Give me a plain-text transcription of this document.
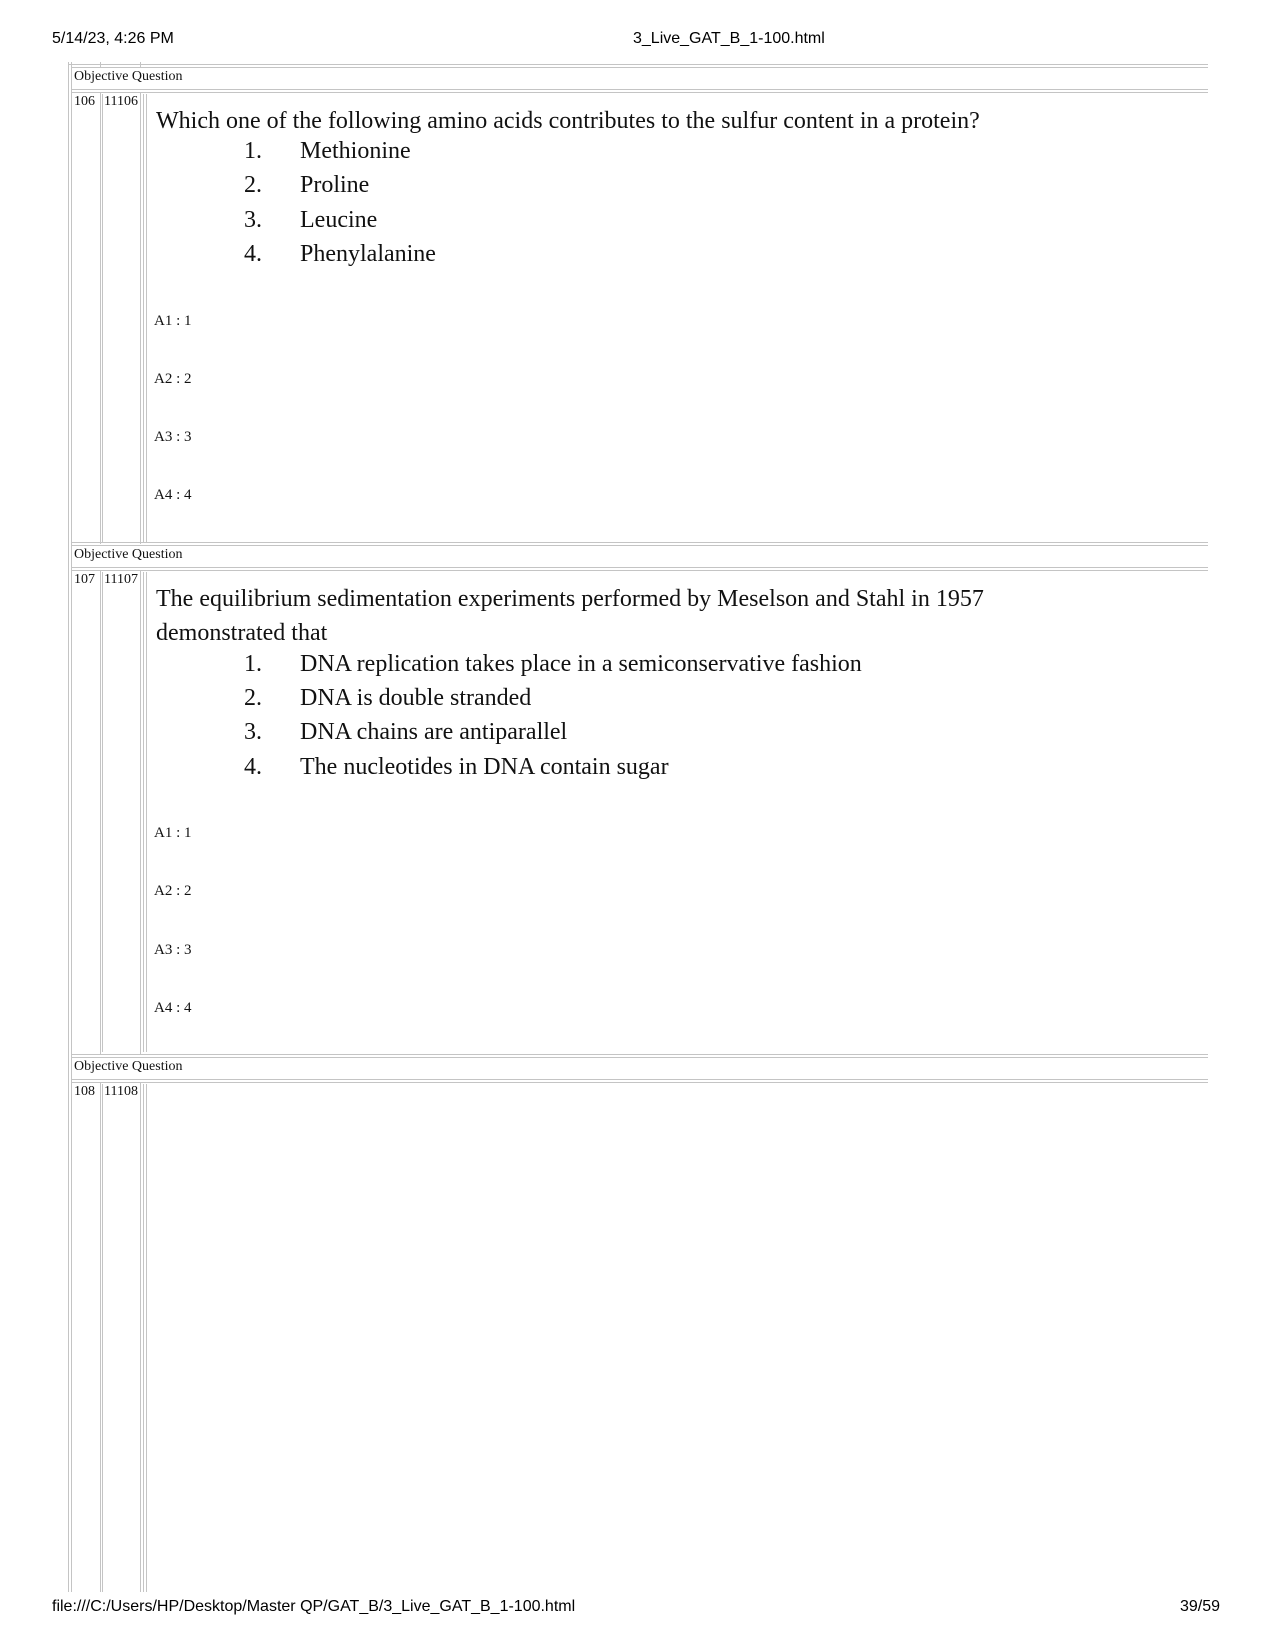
5/14/23, 4:26 PM	3_Live_GAT_B_1-100.html
file:///C:/Users/HP/Desktop/Master QP/GAT_B/3_Live_GAT_B_1-100.html	39/59
Objective Question
106 11106
Which one of the following amino acids contributes to the sulfur content in a protein?
1. Methionine
2. Proline
3. Leucine
4. Phenylalanine
A1 : 1
A2 : 2
A3 : 3
A4 : 4
Objective Question
107 11107
The equilibrium sedimentation experiments performed by Meselson and Stahl in 1957 demonstrated that
1. DNA replication takes place in a semiconservative fashion
2. DNA is double stranded
3. DNA chains are antiparallel
4. The nucleotides in DNA contain sugar
A1 : 1
A2 : 2
A3 : 3
A4 : 4
Objective Question
108 11108
